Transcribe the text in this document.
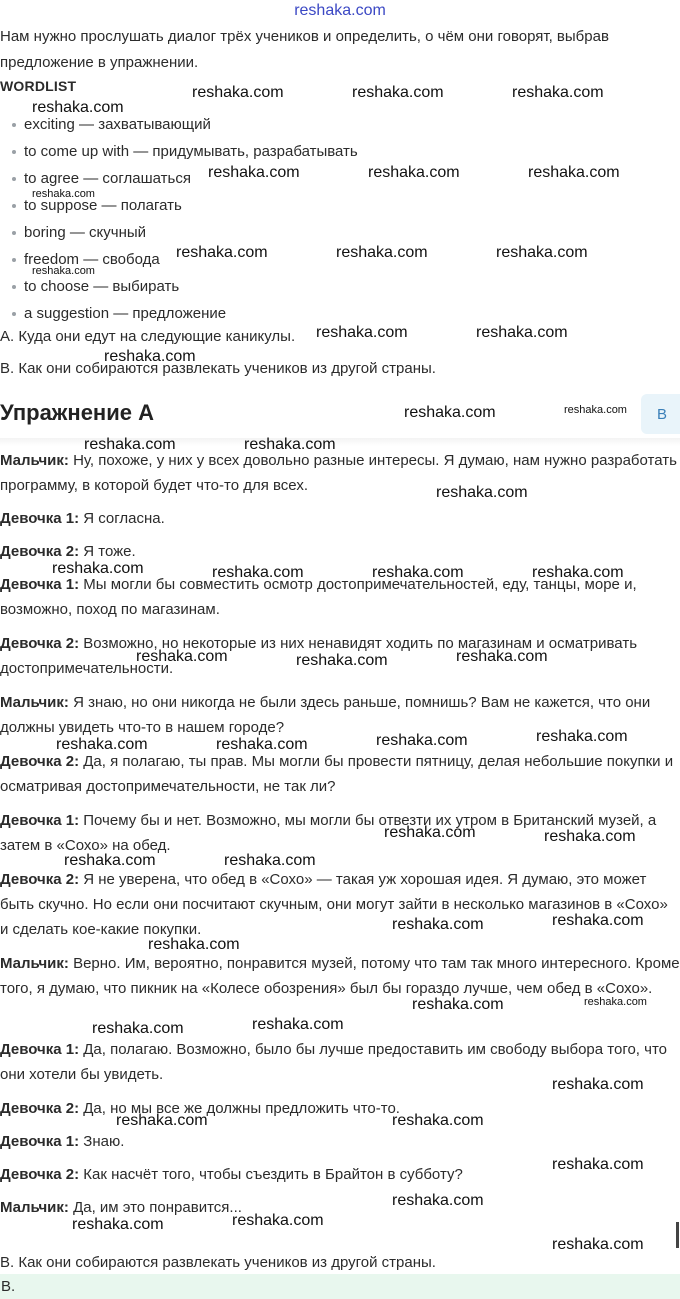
reshaka.com
Нам нужно прослушать диалог трёх учеников и определить, о чём они говорят, выбрав предложение в упражнении.
WORDLIST
exciting — захватывающий
to come up with — придумывать, разрабатывать
to agree — соглашаться
to suppose — полагать
boring — скучный
freedom — свобода
to choose — выбирать
a suggestion — предложение
A. Куда они едут на следующие каникулы.
B. Как они собираются развлекать учеников из другой страны.
Упражнение A	B
Мальчик: Ну, похоже, у них у всех довольно разные интересы. Я думаю, нам нужно разработать программу, в которой будет что-то для всех.
Девочка 1: Я согласна.
Девочка 2: Я тоже.
Девочка 1: Мы могли бы совместить осмотр достопримечательностей, еду, танцы, море и, возможно, поход по магазинам.
Девочка 2: Возможно, но некоторые из них ненавидят ходить по магазинам и осматривать достопримечательности.
Мальчик: Я знаю, но они никогда не были здесь раньше, помнишь? Вам не кажется, что они должны увидеть что-то в нашем городе?
Девочка 2: Да, я полагаю, ты прав. Мы могли бы провести пятницу, делая небольшие покупки и осматривая достопримечательности, не так ли?
Девочка 1: Почему бы и нет. Возможно, мы могли бы отвезти их утром в Британский музей, а затем в «Сохо» на обед.
Девочка 2: Я не уверена, что обед в «Сохо» — такая уж хорошая идея. Я думаю, это может быть скучно. Но если они посчитают скучным, они могут зайти в несколько магазинов в «Сохо» и сделать кое-какие покупки.
Мальчик: Верно. Им, вероятно, понравится музей, потому что там так много интересного. Кроме того, я думаю, что пикник на «Колесе обозрения» был бы гораздо лучше, чем обед в «Сохо».
Девочка 1: Да, полагаю. Возможно, было бы лучше предоставить им свободу выбора того, что они хотели бы увидеть.
Девочка 2: Да, но мы все же должны предложить что-то.
Девочка 1: Знаю.
Девочка 2: Как насчёт того, чтобы съездить в Брайтон в субботу?
Мальчик: Да, им это понравится...
B. Как они собираются развлекать учеников из другой страны.
B.
reshaka.com
reshaka.com	reshaka.com	reshaka.com
reshaka.com
reshaka.com	reshaka.com	reshaka.com
reshaka.com
reshaka.com	reshaka.com	reshaka.com
reshaka.com	reshaka.com
reshaka.com
reshaka.com	reshaka.com
reshaka.com	reshaka.com
reshaka.com
reshaka.com	reshaka.com	reshaka.com	reshaka.com
reshaka.com	reshaka.com	reshaka.com
reshaka.com	reshaka.com	reshaka.com	reshaka.com
reshaka.com	reshaka.com
reshaka.com	reshaka.com
reshaka.com	reshaka.com
reshaka.com
reshaka.com	reshaka.com
reshaka.com	reshaka.com
reshaka.com
reshaka.com	reshaka.com
reshaka.com
reshaka.com
reshaka.com	reshaka.com
reshaka.com
